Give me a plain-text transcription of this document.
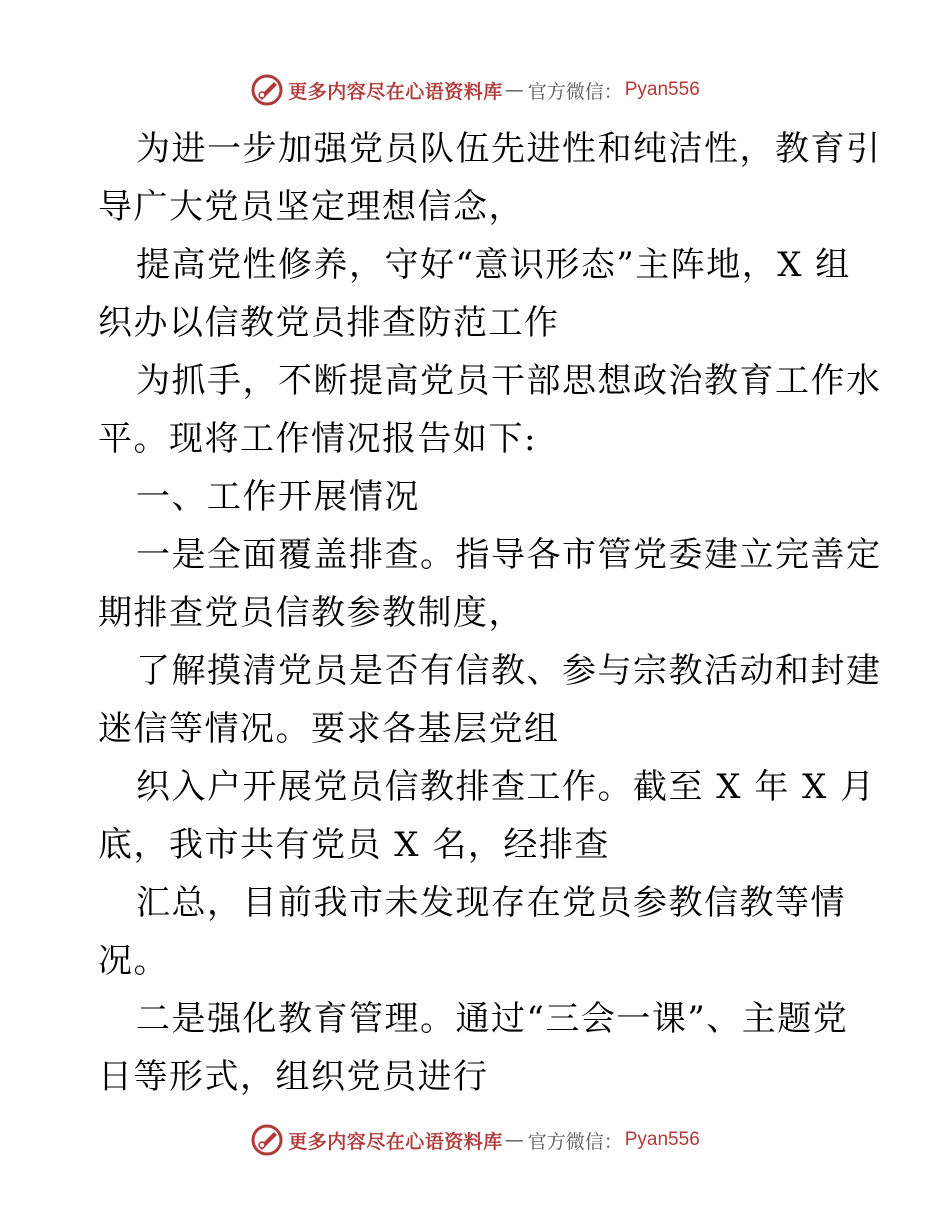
更多内容尽在心语资料库 — 官方微信： Pyan556
为进一步加强党员队伍先进性和纯洁性，教育引
导广大党员坚定理想信念，
提高党性修养，守好“意识形态”主阵地，X 组
织办以信教党员排查防范工作
为抓手，不断提高党员干部思想政治教育工作水
平。现将工作情况报告如下:
一、工作开展情况
一是全面覆盖排查。指导各市管党委建立完善定
期排查党员信教参教制度，
了解摸清党员是否有信教、参与宗教活动和封建
迷信等情况。要求各基层党组
织入户开展党员信教排查工作。截至 X 年 X 月
底，我市共有党员 X 名，经排查
汇总，目前我市未发现存在党员参教信教等情
况。
二是强化教育管理。通过“三会一课”、主题党
日等形式，组织党员进行
更多内容尽在心语资料库 — 官方微信： Pyan556
